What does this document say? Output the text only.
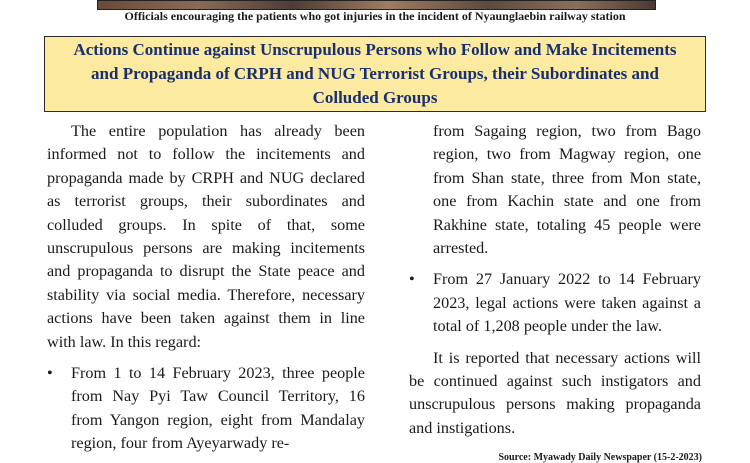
Officials encouraging the patients who got injuries in the incident of Nyaunglaebin railway station
Actions Continue against Unscrupulous Persons who Follow and Make Incitements and Propaganda of CRPH and NUG Terrorist Groups, their Subordinates and Colluded Groups

The entire population has already been informed not to follow the incitements and propaganda made by CRPH and NUG declared as terrorist groups, their subordinates and colluded groups. In spite of that, some unscrupulous persons are making incitements and propaganda to disrupt the State peace and stability via social media. Therefore, necessary actions have been taken against them in line with law. In this regard:

• From 1 to 14 February 2023, three people from Nay Pyi Taw Council Territory, 16 from Yangon region, eight from Mandalay region, four from Ayeyarwady re-
from Sagaing region, two from Bago region, two from Magway region, one from Shan state, three from Mon state, one from Kachin state and one from Rakhine state, totaling 45 people were arrested.
• From 27 January 2022 to 14 February 2023, legal actions were taken against a total of 1,208 people under the law.

It is reported that necessary actions will be continued against such instigators and unscrupulous persons making propaganda and instigations.

Source: Myawady Daily Newspaper (15-2-2023)
